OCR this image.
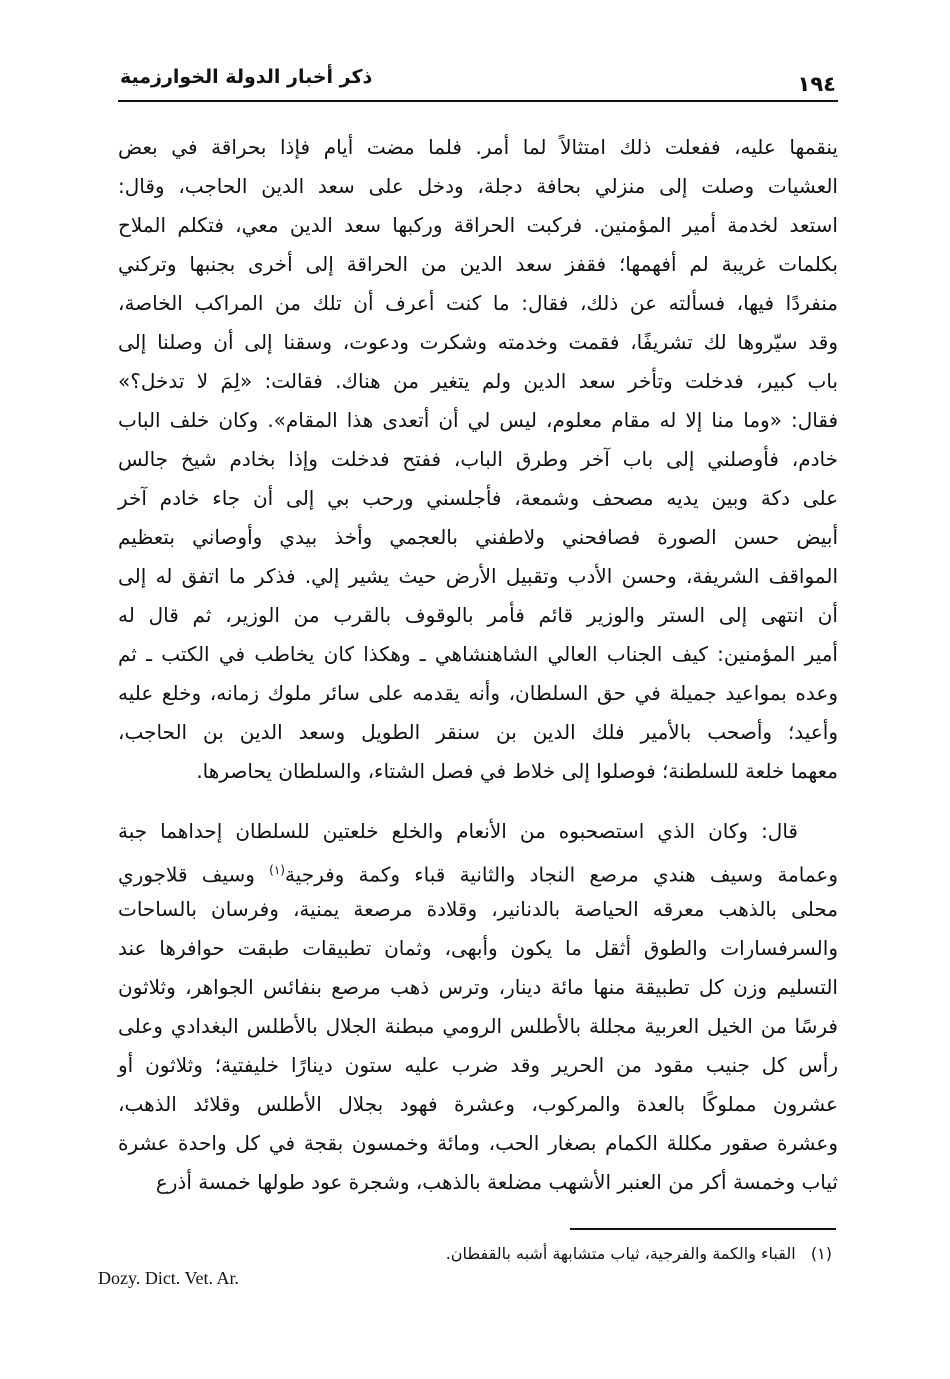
ذكر أخبار الدولة الخوارزمية	١٩٤
ينقمها عليه، ففعلت ذلك امتثالاً لما أمر. فلما مضت أيام فإذا بحراقة في بعض
العشيات وصلت إلى منزلي بحافة دجلة، ودخل على سعد الدين الحاجب، وقال:
استعد لخدمة أمير المؤمنين. فركبت الحراقة وركبها سعد الدين معي، فتكلم الملاح
بكلمات غريبة لم أفهمها؛ فقفز سعد الدين من الحراقة إلى أخرى بجنبها وتركني
منفردًا فيها، فسألته عن ذلك، فقال: ما كنت أعرف أن تلك من المراكب الخاصة،
وقد سيّروها لك تشريفًا، فقمت وخدمته وشكرت ودعوت، وسقنا إلى أن وصلنا إلى
باب كبير، فدخلت وتأخر سعد الدين ولم يتغير من هناك. فقالت: «لِمَ لا تدخل؟»
فقال: «وما منا إلا له مقام معلوم، ليس لي أن أتعدى هذا المقام». وكان خلف الباب
خادم، فأوصلني إلى باب آخر وطرق الباب، ففتح فدخلت وإذا بخادم شيخ جالس
على دكة وبين يديه مصحف وشمعة، فأجلسني ورحب بي إلى أن جاء خادم آخر
أبيض حسن الصورة فصافحني ولاطفني بالعجمي وأخذ بيدي وأوصاني بتعظيم
المواقف الشريفة، وحسن الأدب وتقبيل الأرض حيث يشير إلي. فذكر ما اتفق له إلى
أن انتهى إلى الستر والوزير قائم فأمر بالوقوف بالقرب من الوزير، ثم قال له
أمير المؤمنين: كيف الجناب العالي الشاهنشاهي ـ وهكذا كان يخاطب في الكتب ـ ثم
وعده بمواعيد جميلة في حق السلطان، وأنه يقدمه على سائر ملوك زمانه، وخلع عليه
وأعيد؛ وأصحب بالأمير فلك الدين بن سنقر الطويل وسعد الدين بن الحاجب،
معهما خلعة للسلطنة؛ فوصلوا إلى خلاط في فصل الشتاء، والسلطان يحاصرها.
قال: وكان الذي استصحبوه من الأنعام والخلع خلعتين للسلطان إحداهما جبة
وعمامة وسيف هندي مرصع النجاد والثانية قباء وكمة وفرجية$^{(١)}$ وسيف قلاجوري
محلى بالذهب معرقه الحياصة بالدنانير، وقلادة مرصعة يمنية، وفرسان بالساحات
والسرفسارات والطوق أثقل ما يكون وأبهى، وثمان تطبيقات طبقت حوافرها عند
التسليم وزن كل تطبيقة منها مائة دينار، وترس ذهب مرصع بنفائس الجواهر، وثلاثون
فرسًا من الخيل العربية مجللة بالأطلس الرومي مبطنة الجلال بالأطلس البغدادي وعلى
رأس كل جنيب مقود من الحرير وقد ضرب عليه ستون دينارًا خليفتية؛ وثلاثون أو
عشرون مملوكًا بالعدة والمركوب، وعشرة فهود بجلال الأطلس وقلائد الذهب،
وعشرة صقور مكللة الكمام بصغار الحب، ومائة وخمسون بقجة في كل واحدة عشرة
ثياب وخمسة أكر من العنبر الأشهب مضلعة بالذهب، وشجرة عود طولها خمسة أذرع
(١)   القباء والكمة والفرجية، ثياب متشابهة أشبه بالقفطان.
Dozy. Dict. Vet. Ar.
